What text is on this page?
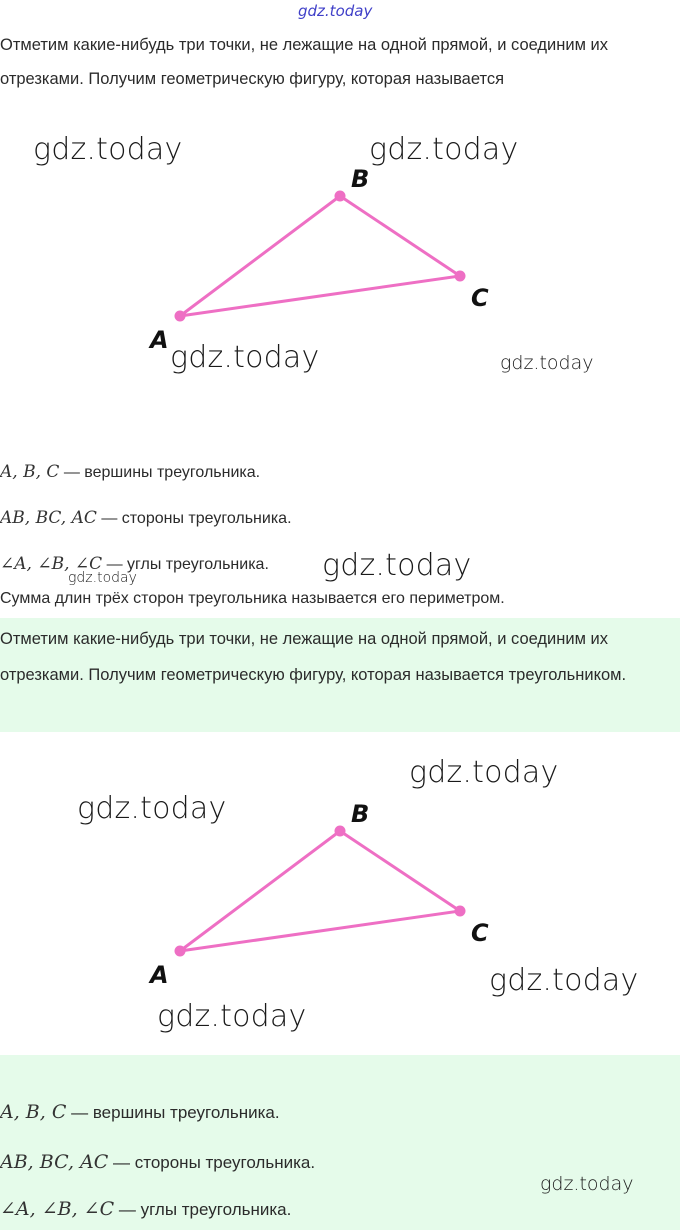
gdz.today
Отметим какие-нибудь три точки, не лежащие на одной прямой, и соединим их отрезками. Получим геометрическую фигуру, которая называется
A
B
C
gdz.today	gdz.today
gdz.today	gdz.today
A, B, C — вершины треугольника.
AB, BC, AC — стороны треугольника.
∠A, ∠B, ∠C — углы треугольника. gdz.today
gdz.today
Сумма длин трёх сторон треугольника называется его периметром.
Отметим какие-нибудь три точки, не лежащие на одной прямой, и соединим их отрезками. Получим геометрическую фигуру, которая называется треугольником.
A
B
C
gdz.today
gdz.today
gdz.today
gdz.today
A, B, C — вершины треугольника.
AB, BC, AC — стороны треугольника.
∠A, ∠B, ∠C — углы треугольника.
gdz.today
